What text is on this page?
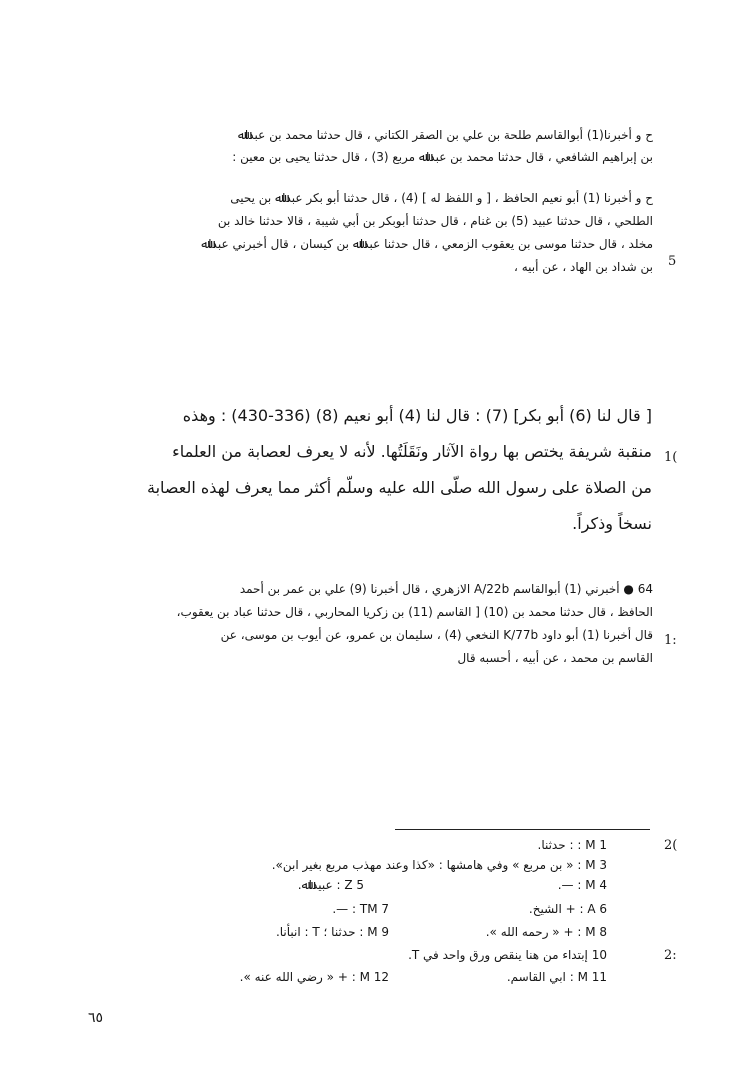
ح و أخبرنا(1) أبوالقاسم طلحة بن علي بن الصقر الكتاني ، قال حدثنا محمد بن عبداﷲ
بن إبراهيم الشافعي ، قال حدثنا محمد بن عبداﷲ مربع (3) ، قال حدثنا يحيى بن معين :
ح و أخبرنا (1) أبو نعيم الحافظ ، [ و اللفظ له ] (4) ، قال حدثنا أبو بكر عبداﷲ بن يحيى
الطلحي ، قال حدثنا عبيد (5) بن غنام ، قال حدثنا أبوبكر بن أبي شيبة ، قالا حدثنا خالد بن
مخلد ، قال حدثنا موسى بن يعقوب الزمعي ، قال حدثنا عبداﷲ بن كيسان ، قال أخبرني عبداﷲ
بن شداد بن الهاد ، عن أبيه ، 5
[ قال لنا (6) أبو بكر] (7) : قال لنا (4) أبو نعيم (8) (336-430) : وهذه
منقبة شريفة يختص بها رواة الآثار ونَقَلَتُها. لأنه لا يعرف لعصابة من العلماء
من الصلاة على رسول الله صلّى الله عليه وسلّم أكثر مما يعرف لهذه العصابة
نسخاً وذكراً.
1(
64 ● أخبرني (1) أبوالقاسم A/22b الازهري ، قال أخبرنا (9) علي بن عمر بن أحمد
الحافظ ، قال حدثنا محمد بن (10) [ القاسم (11) بن زكريا المحاربي ، قال حدثنا عباد بن يعقوب،
قال أخبرنا (1) أبو داود K/77b النخعي (4) ، سليمان بن عمرو، عن أيوب بن موسى، عن
القاسم بن محمد ، عن أبيه ، أحسبه قال
1:
M 1 : : حدثنا.
M 3 : « بن مربع » وفي هامشها : «كذا وعند مهذب مربع بغير ابن».
M 4 : —.
Z 5 : عبيداﷲ.
A 6 : + الشيخ.
TM 7 : —.
M 8 : + « رحمه الله ».
M 9 : حدثنا ؛ T : انبأنا.
10 إبتداء من هنا ينقص ورق واحد في T.
M 11 : ابي القاسم.
M 12 : + « رضي الله عنه ».
2(
2:
٦٥
